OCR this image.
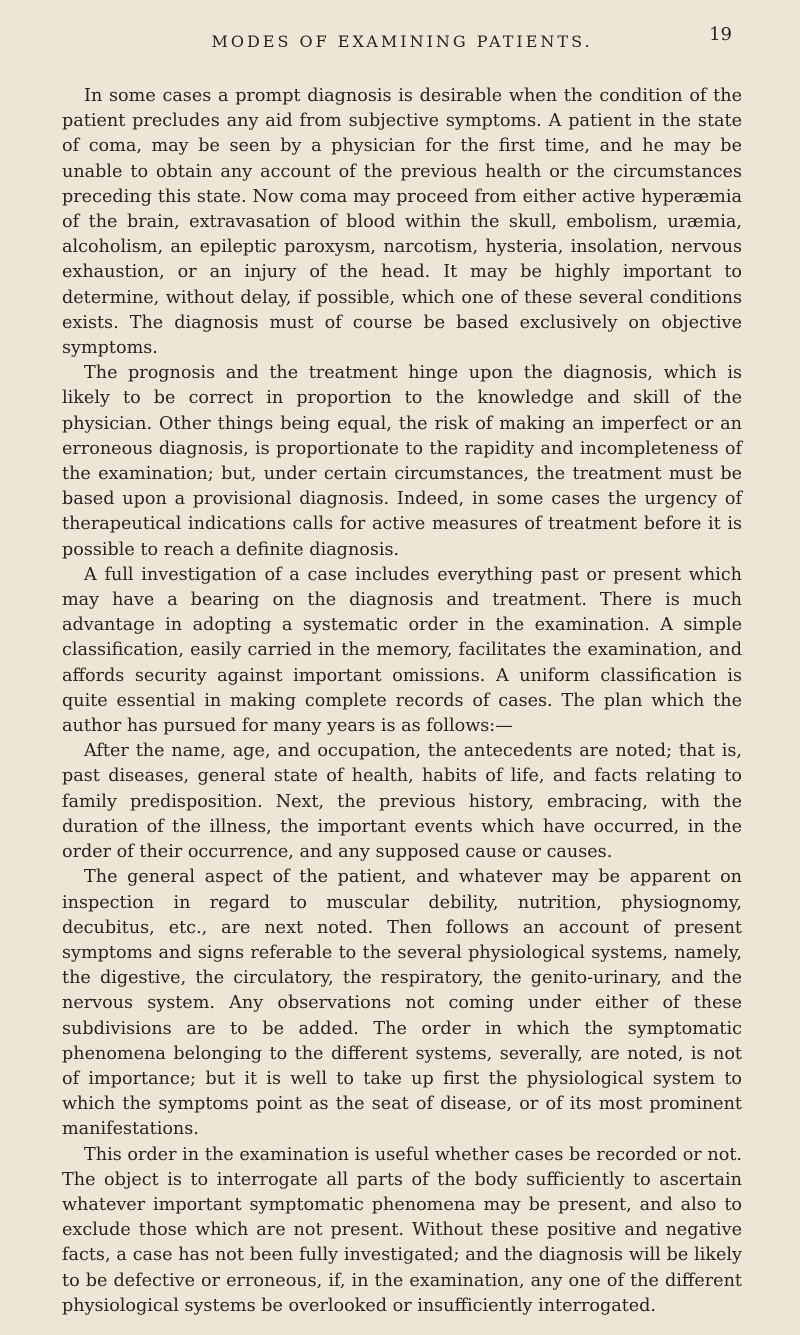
MODES OF EXAMINING PATIENTS.	19

In some cases a prompt diagnosis is desirable when the condition of the patient precludes any aid from subjective symptoms. A patient in the state of coma, may be seen by a physician for the first time, and he may be unable to obtain any account of the previous health or the circumstances preceding this state. Now coma may proceed from either active hyperæmia of the brain, extravasation of blood within the skull, embolism, uræmia, alcoholism, an epileptic paroxysm, narcotism, hysteria, insolation, nervous exhaustion, or an injury of the head. It may be highly important to determine, without delay, if possible, which one of these several conditions exists. The diagnosis must of course be based exclusively on objective symptoms.

The prognosis and the treatment hinge upon the diagnosis, which is likely to be correct in proportion to the knowledge and skill of the physician. Other things being equal, the risk of making an imperfect or an erroneous diagnosis, is proportionate to the rapidity and incompleteness of the examination; but, under certain circumstances, the treatment must be based upon a provisional diagnosis. Indeed, in some cases the urgency of therapeutical indications calls for active measures of treatment before it is possible to reach a definite diagnosis.

A full investigation of a case includes everything past or present which may have a bearing on the diagnosis and treatment. There is much advantage in adopting a systematic order in the examination. A simple classification, easily carried in the memory, facilitates the examination, and affords security against important omissions. A uniform classification is quite essential in making complete records of cases. The plan which the author has pursued for many years is as follows:—

After the name, age, and occupation, the antecedents are noted; that is, past diseases, general state of health, habits of life, and facts relating to family predisposition. Next, the previous history, embracing, with the duration of the illness, the important events which have occurred, in the order of their occurrence, and any supposed cause or causes.

The general aspect of the patient, and whatever may be apparent on inspection in regard to muscular debility, nutrition, physiognomy, decubitus, etc., are next noted. Then follows an account of present symptoms and signs referable to the several physiological systems, namely, the digestive, the circulatory, the respiratory, the genito-urinary, and the nervous system. Any observations not coming under either of these subdivisions are to be added. The order in which the symptomatic phenomena belonging to the different systems, severally, are noted, is not of importance; but it is well to take up first the physiological system to which the symptoms point as the seat of disease, or of its most prominent manifestations.

This order in the examination is useful whether cases be recorded or not. The object is to interrogate all parts of the body sufficiently to ascertain whatever important symptomatic phenomena may be present, and also to exclude those which are not present. Without these positive and negative facts, a case has not been fully investigated; and the diagnosis will be likely to be defective or erroneous, if, in the examination, any one of the different physiological systems be overlooked or insufficiently interrogated.
